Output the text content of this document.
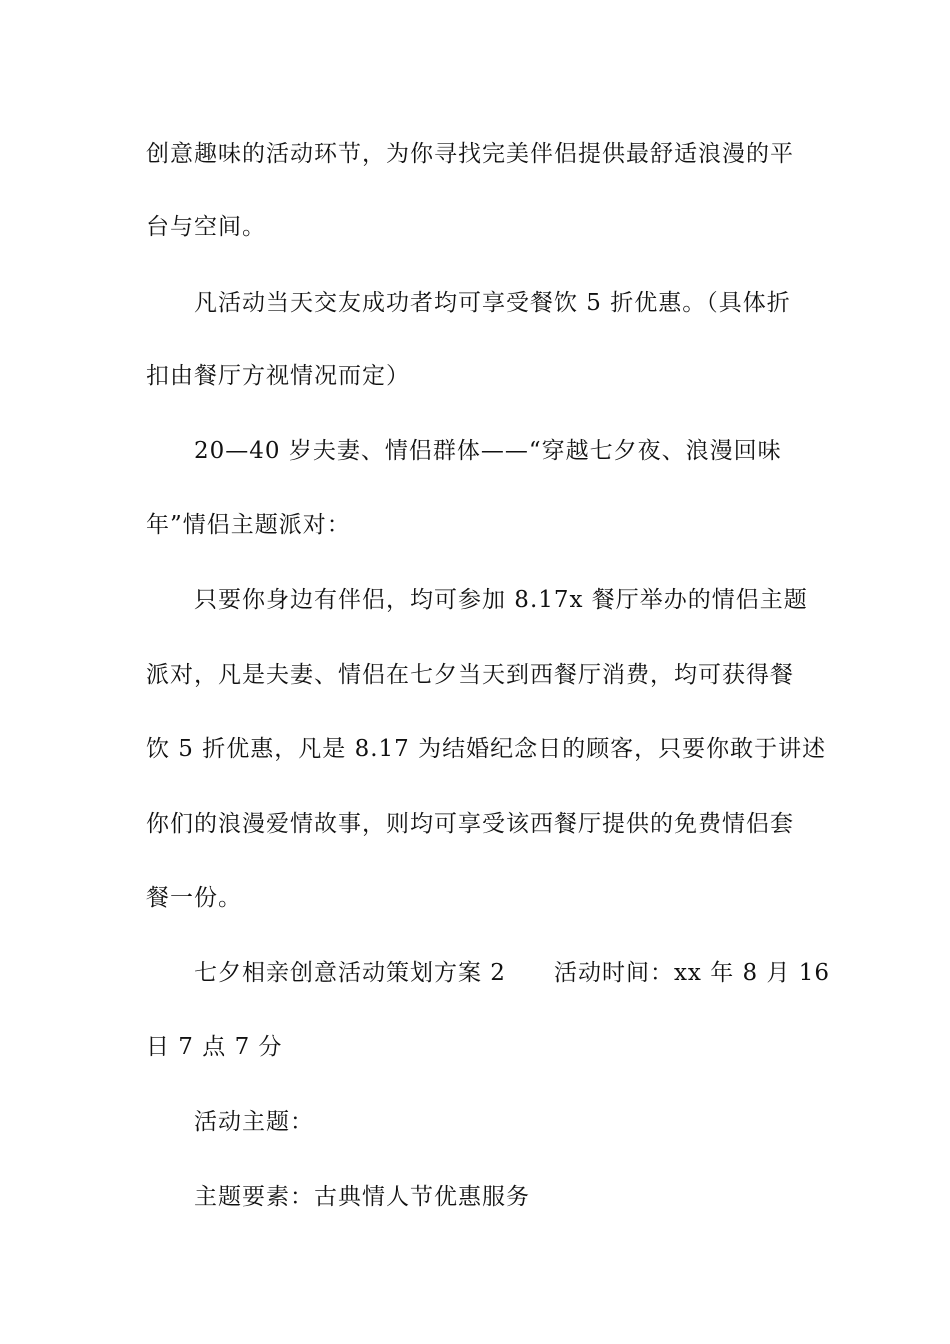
创意趣味的活动环节，为你寻找完美伴侣提供最舒适浪漫的平
台与空间。
凡活动当天交友成功者均可享受餐饮 5 折优惠。（具体折
扣由餐厅方视情况而定）
20—40 岁夫妻、情侣群体——“穿越七夕夜、浪漫回味
年”情侣主题派对：
只要你身边有伴侣，均可参加 8.17x 餐厅举办的情侣主题
派对，凡是夫妻、情侣在七夕当天到西餐厅消费，均可获得餐
饮 5 折优惠，凡是 8.17 为结婚纪念日的顾客，只要你敢于讲述
你们的浪漫爱情故事，则均可享受该西餐厅提供的免费情侣套
餐一份。
七夕相亲创意活动策划方案 2　　活动时间：xx 年 8 月 16
日 7 点 7 分
活动主题：
主题要素：古典情人节优惠服务
